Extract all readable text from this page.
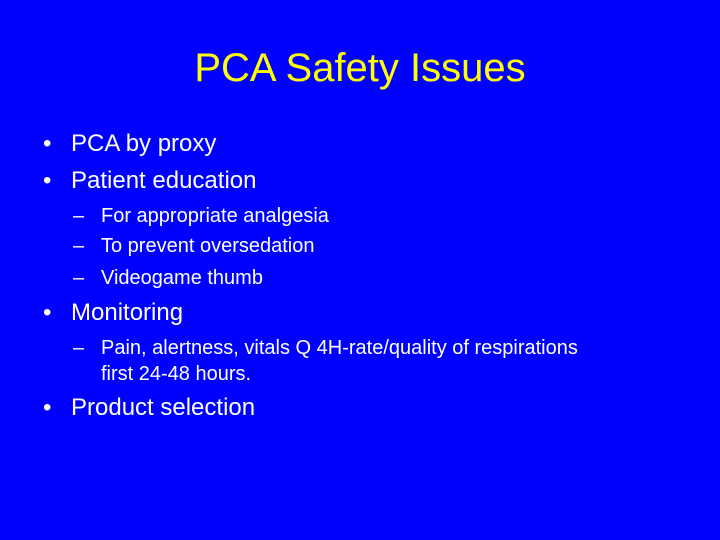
PCA Safety Issues
• PCA by proxy
• Patient education
– For appropriate analgesia
– To prevent oversedation
– Videogame thumb
• Monitoring
– Pain, alertness, vitals Q 4H-rate/quality of respirations
first 24-48 hours.
• Product selection
